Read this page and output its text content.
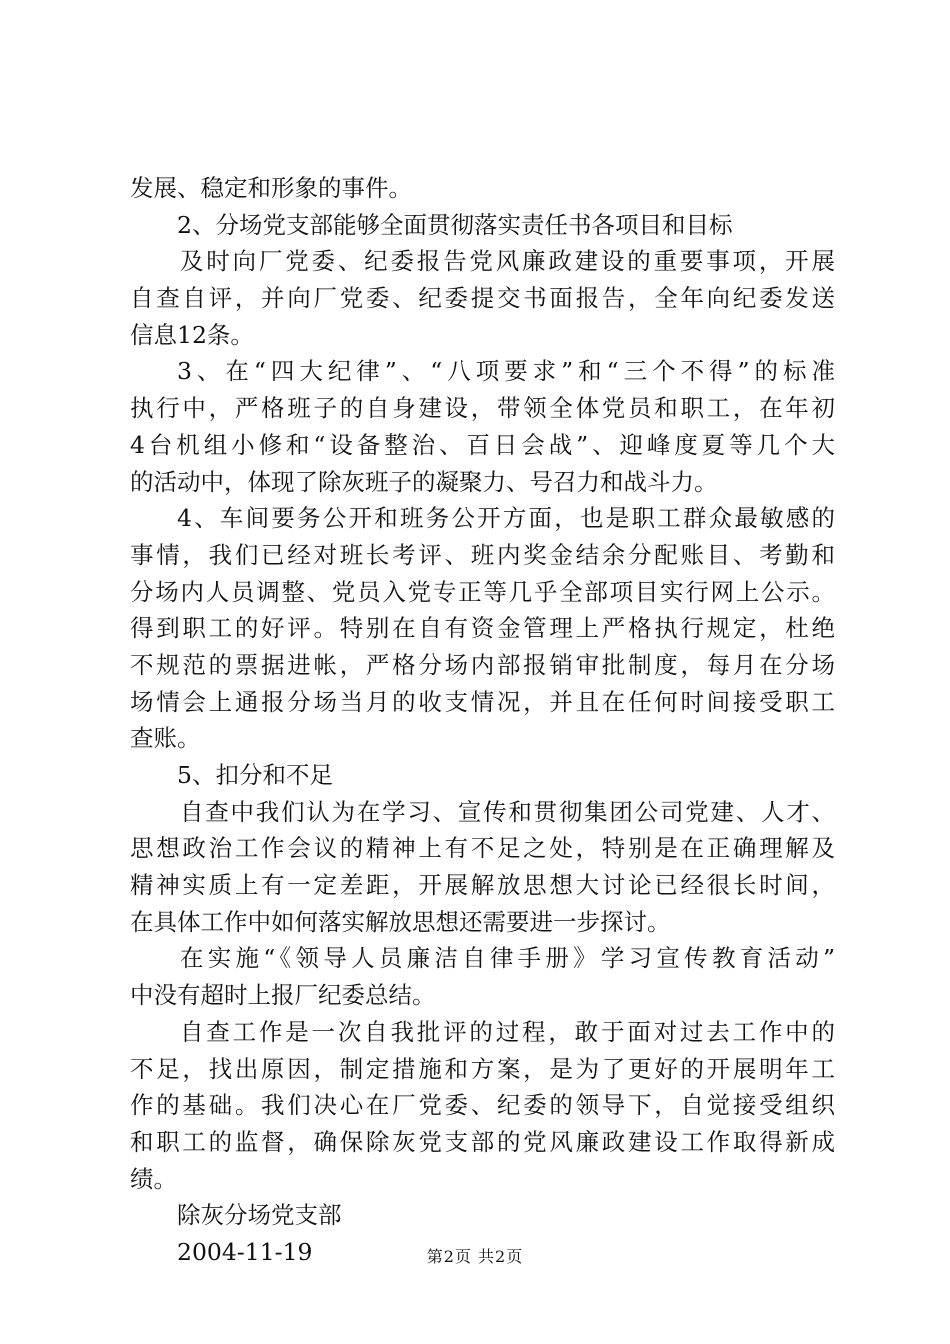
发展、稳定和形象的事件。
2、分场党支部能够全面贯彻落实责任书各项目和目标
及时向厂党委、纪委报告党风廉政建设的重要事项，开展
自查自评，并向厂党委、纪委提交书面报告，全年向纪委发送
信息12条。
3、在“四大纪律”、“八项要求”和“三个不得”的标准
执行中，严格班子的自身建设，带领全体党员和职工，在年初
4台机组小修和“设备整治、百日会战”、迎峰度夏等几个大
的活动中，体现了除灰班子的凝聚力、号召力和战斗力。
4、车间要务公开和班务公开方面，也是职工群众最敏感的
事情，我们已经对班长考评、班内奖金结余分配账目、考勤和
分场内人员调整、党员入党专正等几乎全部项目实行网上公示。
得到职工的好评。特别在自有资金管理上严格执行规定，杜绝
不规范的票据进帐，严格分场内部报销审批制度，每月在分场
场情会上通报分场当月的收支情况，并且在任何时间接受职工
查账。
5、扣分和不足
自查中我们认为在学习、宣传和贯彻集团公司党建、人才、
思想政治工作会议的精神上有不足之处，特别是在正确理解及
精神实质上有一定差距，开展解放思想大讨论已经很长时间，
在具体工作中如何落实解放思想还需要进一步探讨。
在实施“《领导人员廉洁自律手册》学习宣传教育活动”
中没有超时上报厂纪委总结。
自查工作是一次自我批评的过程，敢于面对过去工作中的
不足，找出原因，制定措施和方案，是为了更好的开展明年工
作的基础。我们决心在厂党委、纪委的领导下，自觉接受组织
和职工的监督，确保除灰党支部的党风廉政建设工作取得新成
绩。
除灰分场党支部
2004-11-19	第2页 共2页
